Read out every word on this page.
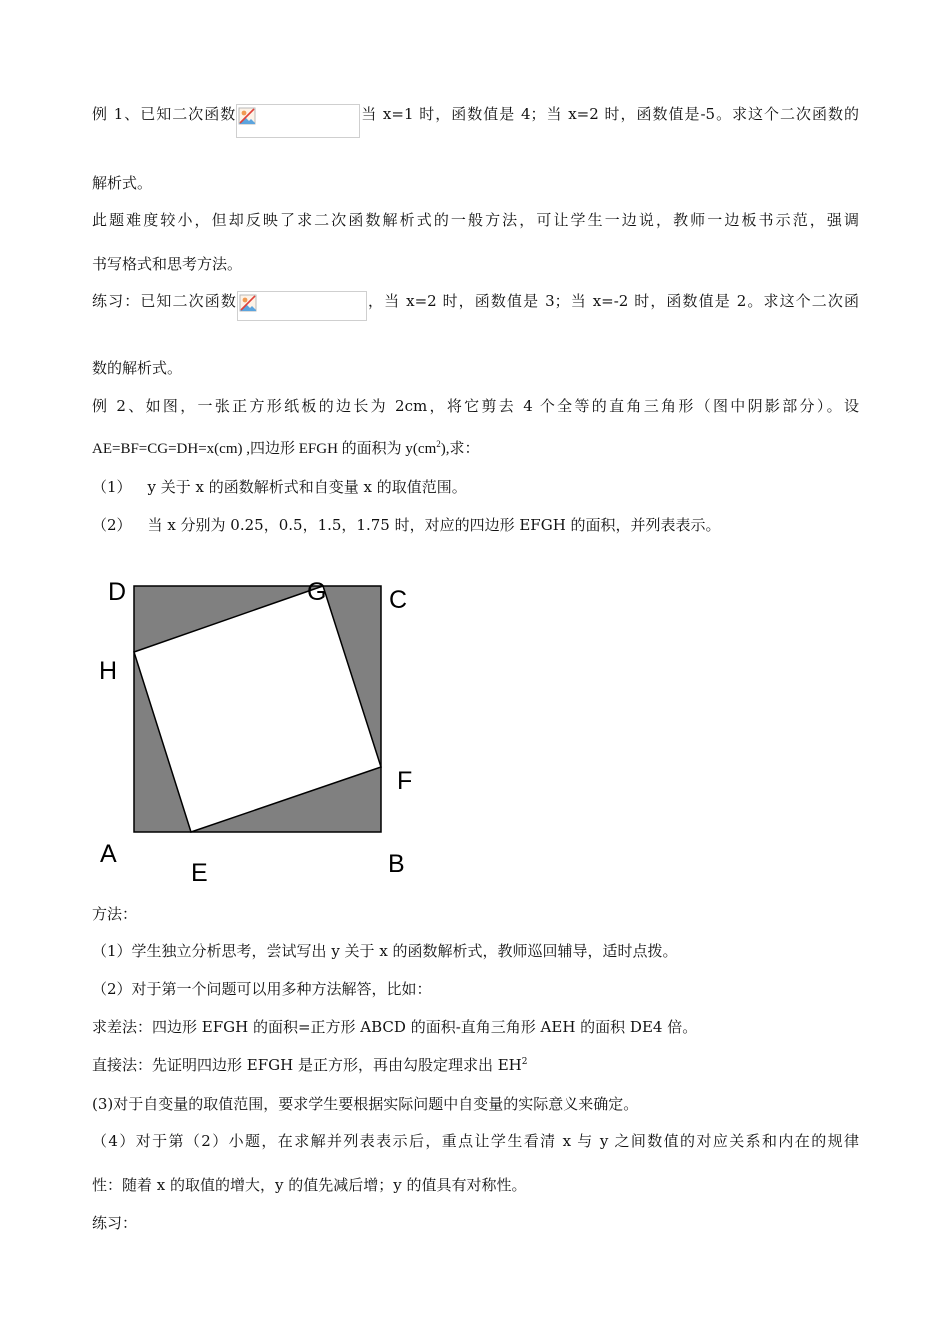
例 1、已知二次函数	当 x=1 时，函数值是 4；当 x=2 时，函数值是-5。求这个二次函数的
解析式。
此题难度较小，但却反映了求二次函数解析式的一般方法，可让学生一边说，教师一边板书示范，强调
书写格式和思考方法。
练习：已知二次函数	，当 x=2 时，函数值是 3；当 x=-2 时，函数值是 2。求这个二次函
数的解析式。
例 2、如图，一张正方形纸板的边长为 2cm，将它剪去 4 个全等的直角三角形（图中阴影部分）。设
AE=BF=CG=DH=x(cm) ,四边形 EFGH 的面积为 $y(cm^2)$,求：
（1） y 关于 x 的函数解析式和自变量 x 的取值范围。
（2） 当 x 分别为 0.25，0.5，1.5，1.75 时，对应的四边形 EFGH 的面积，并列表表示。
D	G	C
H
F
A	B
E
方法：
（1）学生独立分析思考，尝试写出 y 关于 x 的函数解析式，教师巡回辅导，适时点拨。
（2）对于第一个问题可以用多种方法解答，比如：
求差法：四边形 EFGH 的面积=正方形 ABCD 的面积-直角三角形 AEH 的面积 DE4 倍。
直接法：先证明四边形 EFGH 是正方形，再由勾股定理求出 $EH^2$
(3)对于自变量的取值范围，要求学生要根据实际问题中自变量的实际意义来确定。
（4）对于第（2）小题，在求解并列表表示后，重点让学生看清 x 与 y 之间数值的对应关系和内在的规律
性：随着 x 的取值的增大，y 的值先减后增；y 的值具有对称性。
练习：
